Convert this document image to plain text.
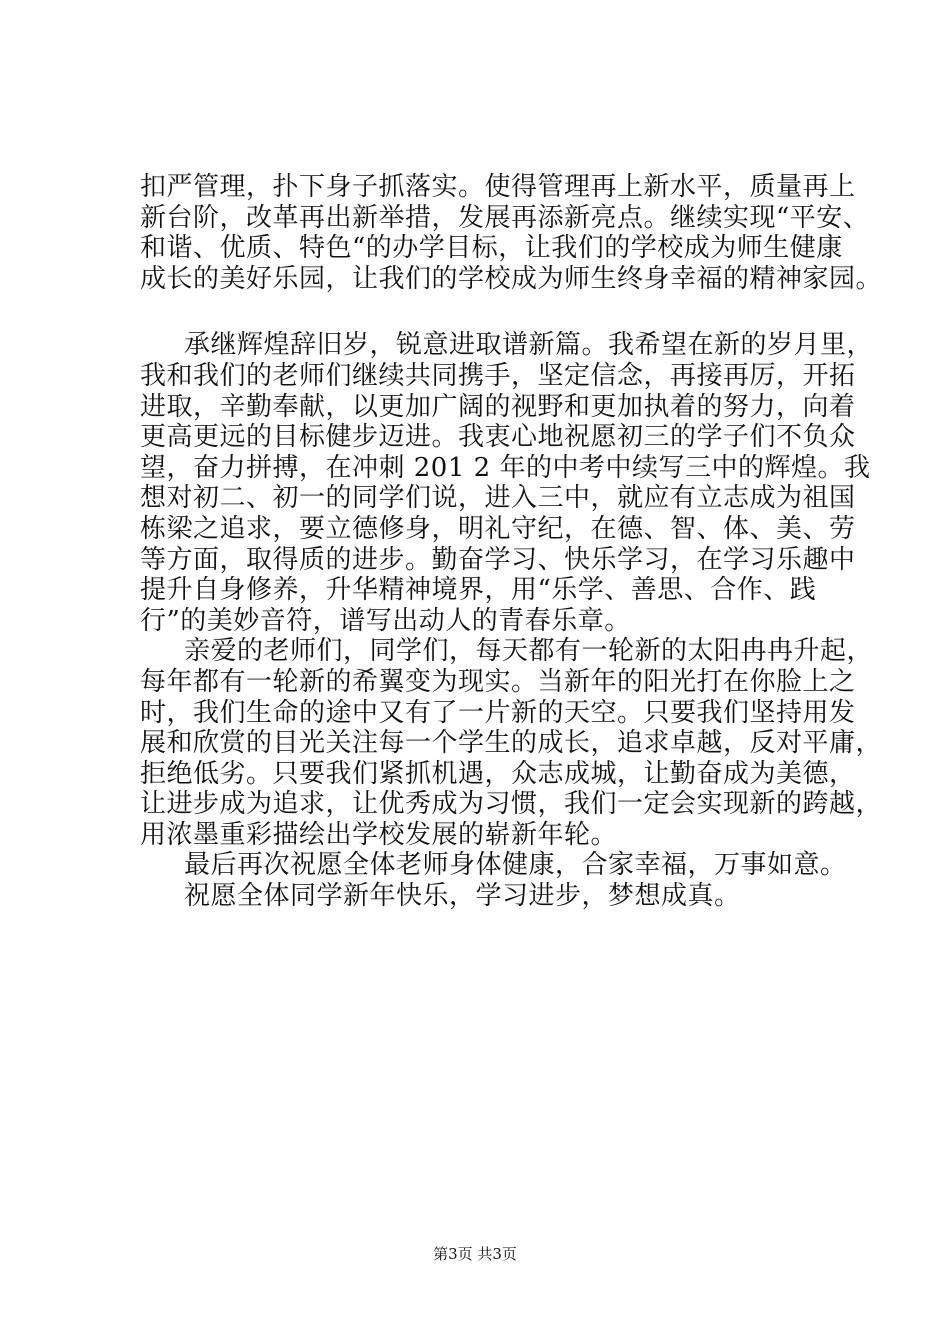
扣严管理，扑下身子抓落实。使得管理再上新水平，质量再上
新台阶，改革再出新举措，发展再添新亮点。继续实现“平安、
和谐、优质、特色“的办学目标，让我们的学校成为师生健康
成长的美好乐园，让我们的学校成为师生终身幸福的精神家园。
承继辉煌辞旧岁，锐意进取谱新篇。我希望在新的岁月里，
我和我们的老师们继续共同携手，坚定信念，再接再厉，开拓
进取，辛勤奉献，以更加广阔的视野和更加执着的努力，向着
更高更远的目标健步迈进。我衷心地祝愿初三的学子们不负众
望，奋力拼搏，在冲刺 201 2 年的中考中续写三中的辉煌。我
想对初二、初一的同学们说，进入三中，就应有立志成为祖国
栋梁之追求，要立德修身，明礼守纪，在德、智、体、美、劳
等方面，取得质的进步。勤奋学习、快乐学习，在学习乐趣中
提升自身修养，升华精神境界，用“乐学、善思、合作、践
行”的美妙音符，谱写出动人的青春乐章。
亲爱的老师们，同学们，每天都有一轮新的太阳冉冉升起，
每年都有一轮新的希翼变为现实。当新年的阳光打在你脸上之
时，我们生命的途中又有了一片新的天空。只要我们坚持用发
展和欣赏的目光关注每一个学生的成长，追求卓越，反对平庸，
拒绝低劣。只要我们紧抓机遇，众志成城，让勤奋成为美德，
让进步成为追求，让优秀成为习惯，我们一定会实现新的跨越，
用浓墨重彩描绘出学校发展的崭新年轮。
最后再次祝愿全体老师身体健康，合家幸福，万事如意。
祝愿全体同学新年快乐，学习进步，梦想成真。
第3页 共3页
